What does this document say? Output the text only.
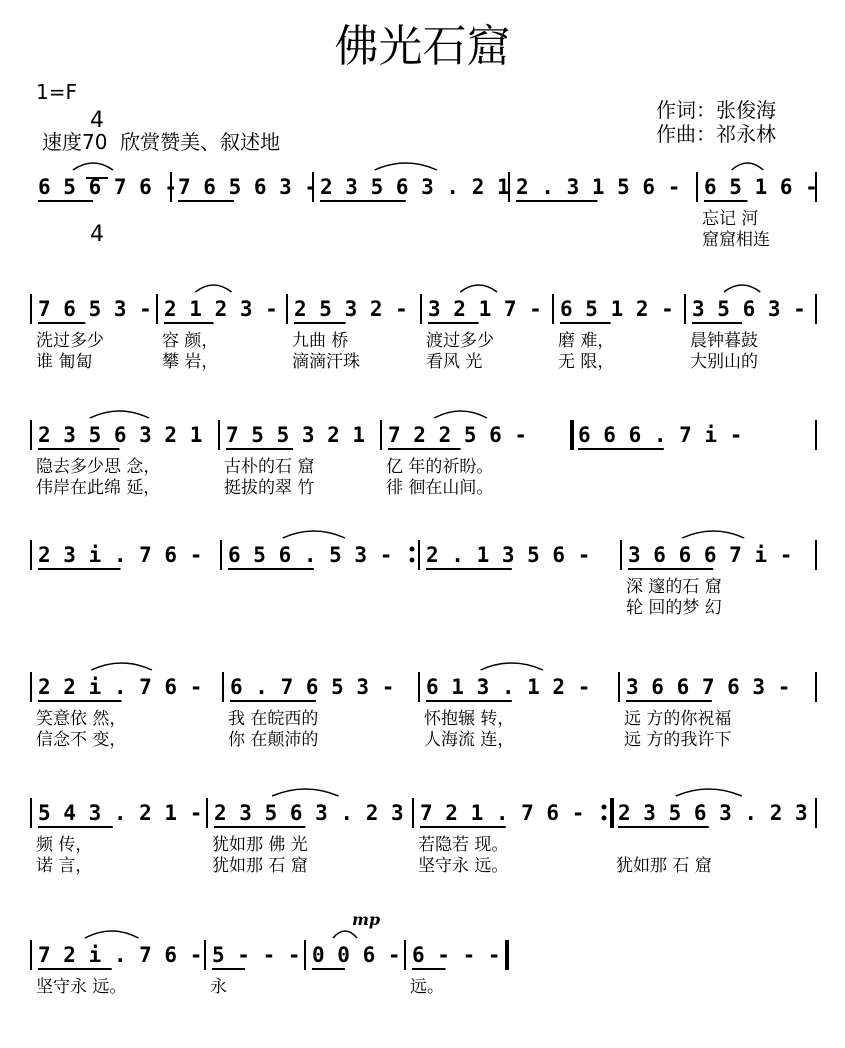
佛光石窟
1=F

4

4

速度70  欣赏赞美、叙述地
作词：张俊海
作曲：祁永林
mp
6 5 6 7 6 - 7 6 5 6 3 - 2 3 5 6 3 . 2 1 2 . 3 1 5 6 - 6 5 1 6 -
忘记 河
窟窟相连
7 6 5 3 - 2 1 2 3 - 2 5 3 2 - 3 2 1 7 - 6 5 1 2 - 3 5 6 3 -
洗过多少
谁 匍匐
容 颜，
攀 岩，
九曲 桥
滴滴汗珠
渡过多少
看风 光
磨 难，
无 限，
晨钟暮鼓
大别山的
2 3 5 6 3 2 1 7 5 5 3 2 1 7 2 2 5 6 - 6 6 6 . 7 i -
隐去多少思 念，
伟岸在此绵 延，
古朴的石 窟
挺拔的翠 竹
亿 年的祈盼。
徘 徊在山间。
2 3 i . 7 6 - 6 5 6 . 5 3 - 2 . 1 3 5 6 - 3 6 6 6 7 i -
深 邃的石 窟
轮 回的梦 幻
2 2 i . 7 6 - 6 . 7 6 5 3 - 6 1 3 . 1 2 - 3 6 6 7 6 3 -
笑意依 然，
信念不 变，
我 在皖西的
你 在颠沛的
怀抱辗 转，
人海流 连，
远 方的你祝福
远 方的我许下
5 4 3 . 2 1 - 2 3 5 6 3 . 2 3 7 2 1 . 7 6 - 2 3 5 6 3 . 2 3
频 传，
诺 言，
犹如那 佛 光
犹如那 石 窟
若隐若 现。
坚守永 远。	犹如那 石 窟
7 2 i . 7 6 - 5 - - - 0 0 6 - 6 - - -
坚守永 远。	永	远。
